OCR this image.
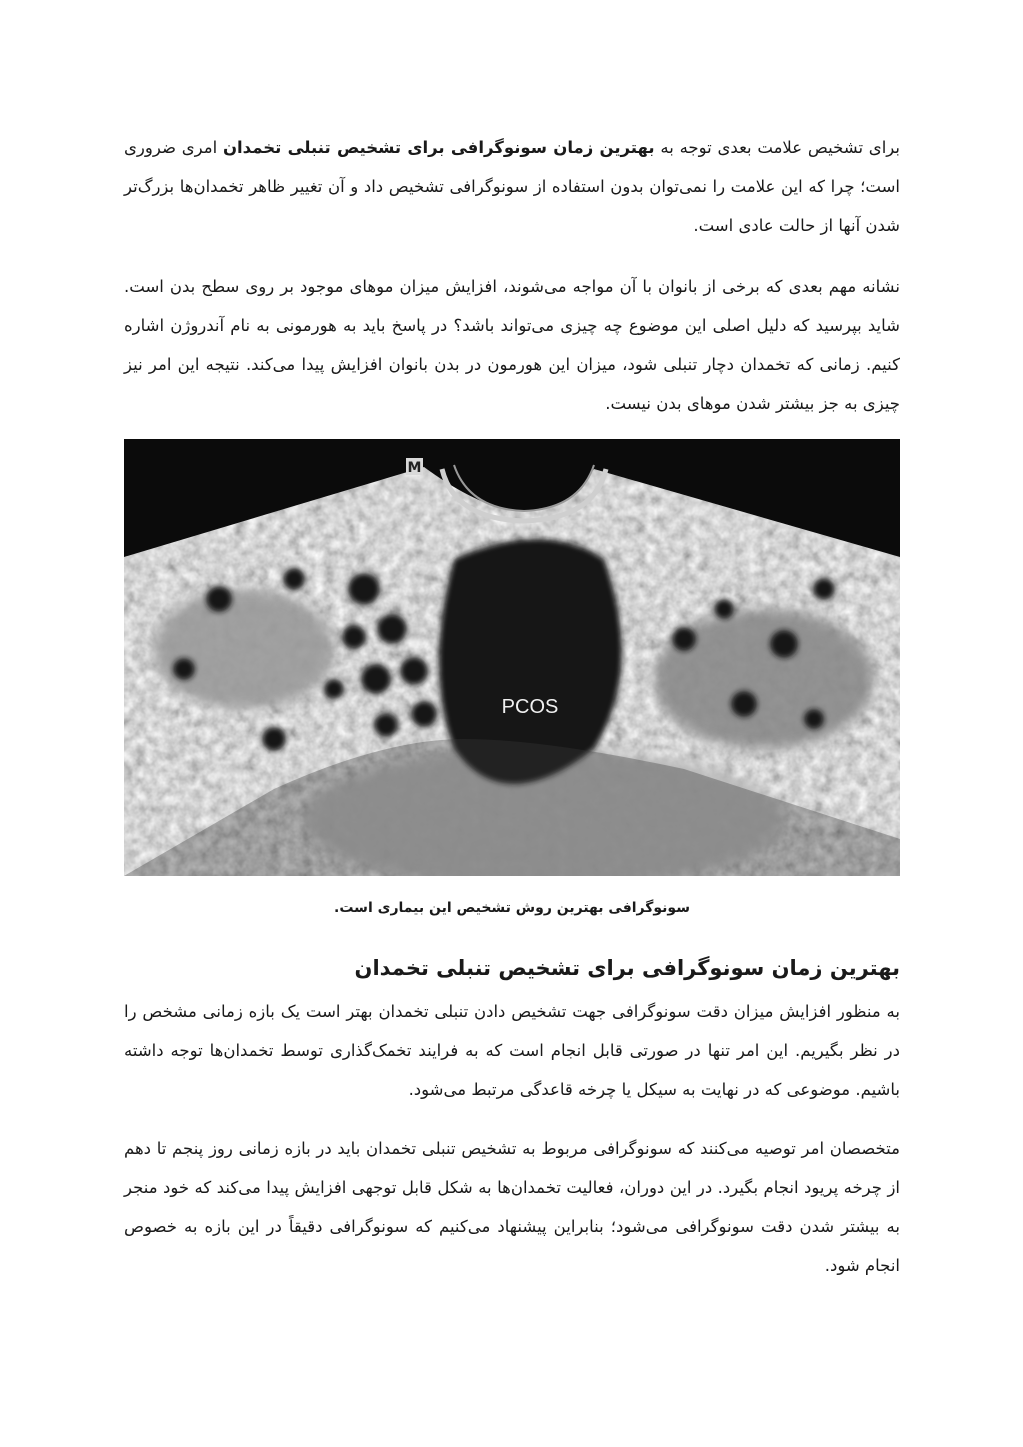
برای تشخیص علامت بعدی توجه به بهترین زمان سونوگرافی برای تشخیص تنبلی تخمدان امری ضروری است؛ چرا که این علامت را نمی‌توان بدون استفاده از سونوگرافی تشخیص داد و آن تغییر ظاهر تخمدان‌ها بزرگ‌تر شدن آنها از حالت عادی است.

نشانه مهم بعدی که برخی از بانوان با آن مواجه می‌شوند، افزایش میزان موهای موجود بر روی سطح بدن است. شاید بپرسید که دلیل اصلی این موضوع چه چیزی می‌تواند باشد؟ در پاسخ باید به هورمونی به نام آندروژن اشاره کنیم. زمانی که تخمدان دچار تنبلی شود، میزان این هورمون در بدن بانوان افزایش پیدا می‌کند. نتیجه این امر نیز چیزی به جز بیشتر شدن موهای بدن نیست.

M
PCOS
سونوگرافی بهترین روش تشخیص این بیماری است.
بهترین زمان سونوگرافی برای تشخیص تنبلی تخمدان

به منظور افزایش میزان دقت سونوگرافی جهت تشخیص دادن تنبلی تخمدان بهتر است یک بازه زمانی مشخص را در نظر بگیریم. این امر تنها در صورتی قابل انجام است که به فرایند تخمک‌گذاری توسط تخمدان‌ها توجه داشته باشیم. موضوعی که در نهایت به سیکل یا چرخه قاعدگی مرتبط می‌شود.

متخصصان امر توصیه می‌کنند که سونوگرافی مربوط به تشخیص تنبلی تخمدان باید در بازه زمانی روز پنجم تا دهم از چرخه پریود انجام بگیرد. در این دوران، فعالیت تخمدان‌ها به شکل قابل توجهی افزایش پیدا می‌کند که خود منجر به بیشتر شدن دقت سونوگرافی می‌شود؛ بنابراین پیشنهاد می‌کنیم که سونوگرافی دقیقاً در این بازه به خصوص انجام شود.
